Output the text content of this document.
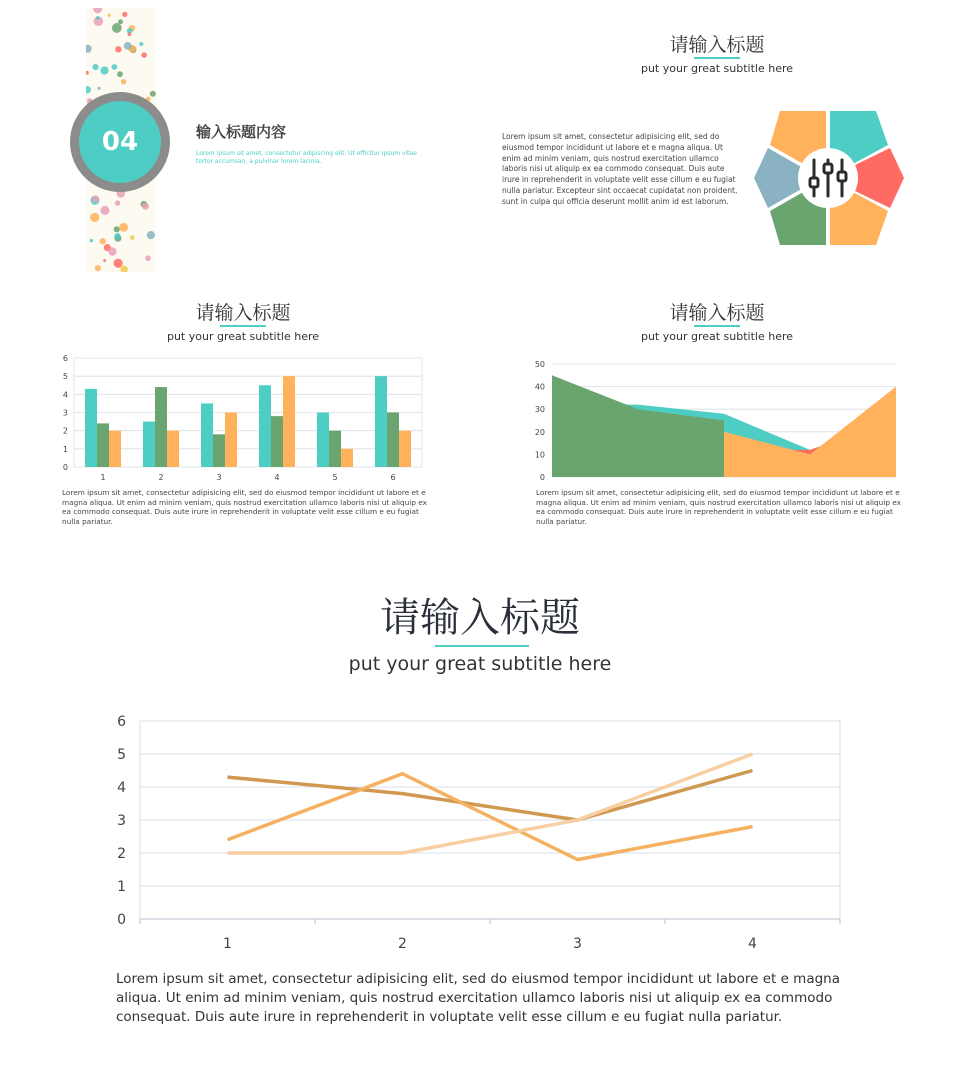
04	输入标题内容
Lorem ipsum sit amet, consectetur adipiscing elit. Ut efficitur ipsum vitae tortor accumsan, a pulvinar lorem lacinia.
请输入标题
put your great subtitle here
Lorem ipsum sit amet, consectetur adipisicing elit, sed do eiusmod tempor incididunt ut labore et e magna aliqua. Ut enim ad minim veniam, quis nostrud exercitation ullamco laboris nisi ut aliquip ex ea commodo consequat. Duis aute irure in reprehenderit in voluptate velit esse cillum e eu fugiat nulla pariatur. Excepteur sint occaecat cupidatat non proident, sunt in culpa qui officia deserunt mollit anim id est laborum.
请输入标题
put your great subtitle here
0
1
2
3
4
5
6
1	2	3	4	5	6
Lorem ipsum sit amet, consectetur adipisicing elit, sed do eiusmod tempor incididunt ut labore et e magna aliqua. Ut enim ad minim veniam, quis nostrud exercitation ullamco laboris nisi ut aliquip ex ea commodo consequat. Duis aute irure in reprehenderit in voluptate velit esse cillum e eu fugiat nulla pariatur.
请输入标题
put your great subtitle here
0
10
20
30
40
50
Lorem ipsum sit amet, consectetur adipisicing elit, sed do eiusmod tempor incididunt ut labore et e magna aliqua. Ut enim ad minim veniam, quis nostrud exercitation ullamco laboris nisi ut aliquip ex ea commodo consequat. Duis aute irure in reprehenderit in voluptate velit esse cillum e eu fugiat nulla pariatur.
请输入标题
put your great subtitle here
0
1
2
3
4
5
6
1	2	3	4
Lorem ipsum sit amet, consectetur adipisicing elit, sed do eiusmod tempor incididunt ut labore et e magna aliqua. Ut enim ad minim veniam, quis nostrud exercitation ullamco laboris nisi ut aliquip ex ea commodo consequat. Duis aute irure in reprehenderit in voluptate velit esse cillum e eu fugiat nulla pariatur.
